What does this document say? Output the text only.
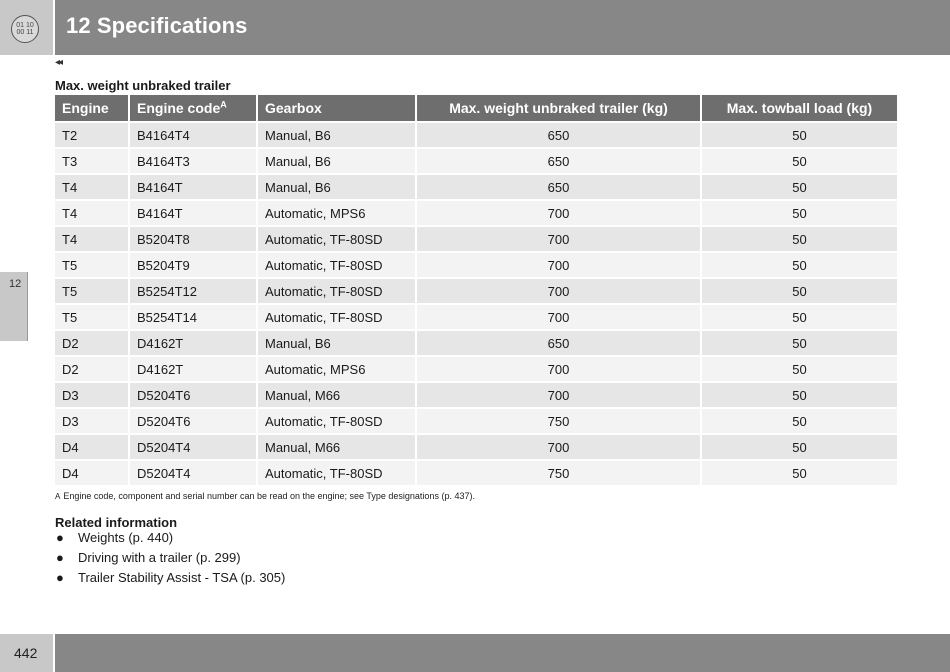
01 10
00 11 12 Specifications
◂◂
Max. weight unbraked trailer
12
Engine	Engine code$^A$	Gearbox	Max. weight unbraked trailer (kg)	Max. towball load (kg)
T2	B4164T4	Manual, B6	650	50
T3	B4164T3	Manual, B6	650	50
T4	B4164T	Manual, B6	650	50
T4	B4164T	Automatic, MPS6	700	50
T4	B5204T8	Automatic, TF-80SD	700	50
T5	B5204T9	Automatic, TF-80SD	700	50
T5	B5254T12	Automatic, TF-80SD	700	50
T5	B5254T14	Automatic, TF-80SD	700	50
D2	D4162T	Manual, B6	650	50
D2	D4162T	Automatic, MPS6	700	50
D3	D5204T6	Manual, M66	700	50
D3	D5204T6	Automatic, TF-80SD	750	50
D4	D5204T4	Manual, M66	700	50
D4	D5204T4	Automatic, TF-80SD	750	50
A Engine code, component and serial number can be read on the engine; see Type designations (p. 437).
Related information
● Weights (p. 440)
● Driving with a trailer (p. 299)
● Trailer Stability Assist - TSA (p. 305)
442
